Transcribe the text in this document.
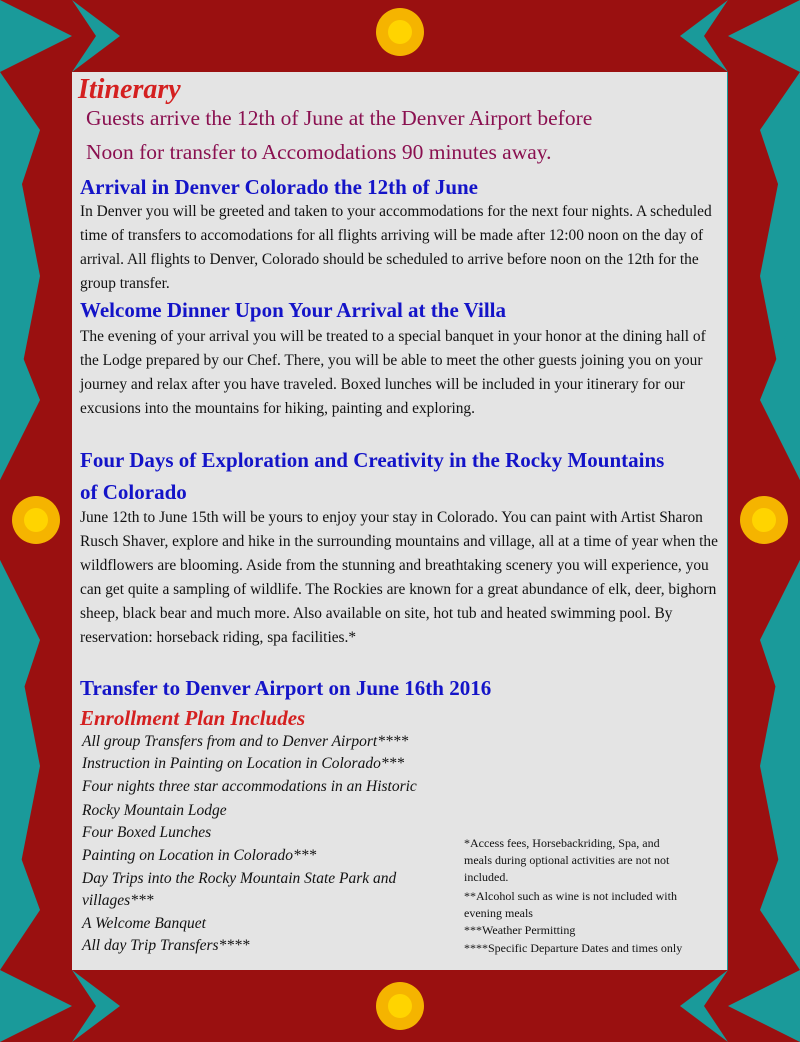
Itinerary

Guests arrive the 12th of June at the Denver Airport before

Noon for transfer to Accomodations 90 minutes away.

Arrival in Denver Colorado the 12th of June

In Denver you will be greeted and taken to your accommodations for the next four nights. A scheduled time of transfers to accomodations for all flights arriving will be made after 12:00 noon on the day of arrival. All flights to Denver, Colorado should be scheduled to arrive before noon on the 12th for the group transfer.

Welcome Dinner Upon Your Arrival at the Villa

The evening of your arrival you will be treated to a special banquet in your honor at the dining hall of the Lodge prepared by our Chef. There, you will be able to meet the other guests joining you on your journey and relax after you have traveled. Boxed lunches will be included in your itinerary for our excusions into the mountains for hiking, painting and exploring.

Four Days of Exploration and Creativity in the Rocky Mountains
of Colorado

June 12th to June 15th will be yours to enjoy your stay in Colorado. You can paint with Artist Sharon Rusch Shaver, explore and hike in the surrounding mountains and village, all at a time of year when the wildflowers are blooming. Aside from the stunning and breathtaking scenery you will experience, you can get quite a sampling of wildlife. The Rockies are known for a great abundance of elk, deer, bighorn sheep, black bear and much more. Also available on site, hot tub and heated swimming pool. By reservation: horseback riding, spa facilities.*

Transfer to Denver Airport on June 16th 2016
Enrollment Plan Includes

All group Transfers from and to Denver Airport****

Instruction in Painting on Location in Colorado***

Four nights three star accommodations in an Historic

Rocky Mountain Lodge

Four Boxed Lunches

Painting on Location in Colorado***

Day Trips into the Rocky Mountain State Park and

villages***

A Welcome Banquet

All day Trip Transfers****

*Access fees, Horsebackriding, Spa, and

meals during optional activities are not not

included.

**Alcohol such as wine is not included with

evening meals

***Weather Permitting

****Specific Departure Dates and times only
